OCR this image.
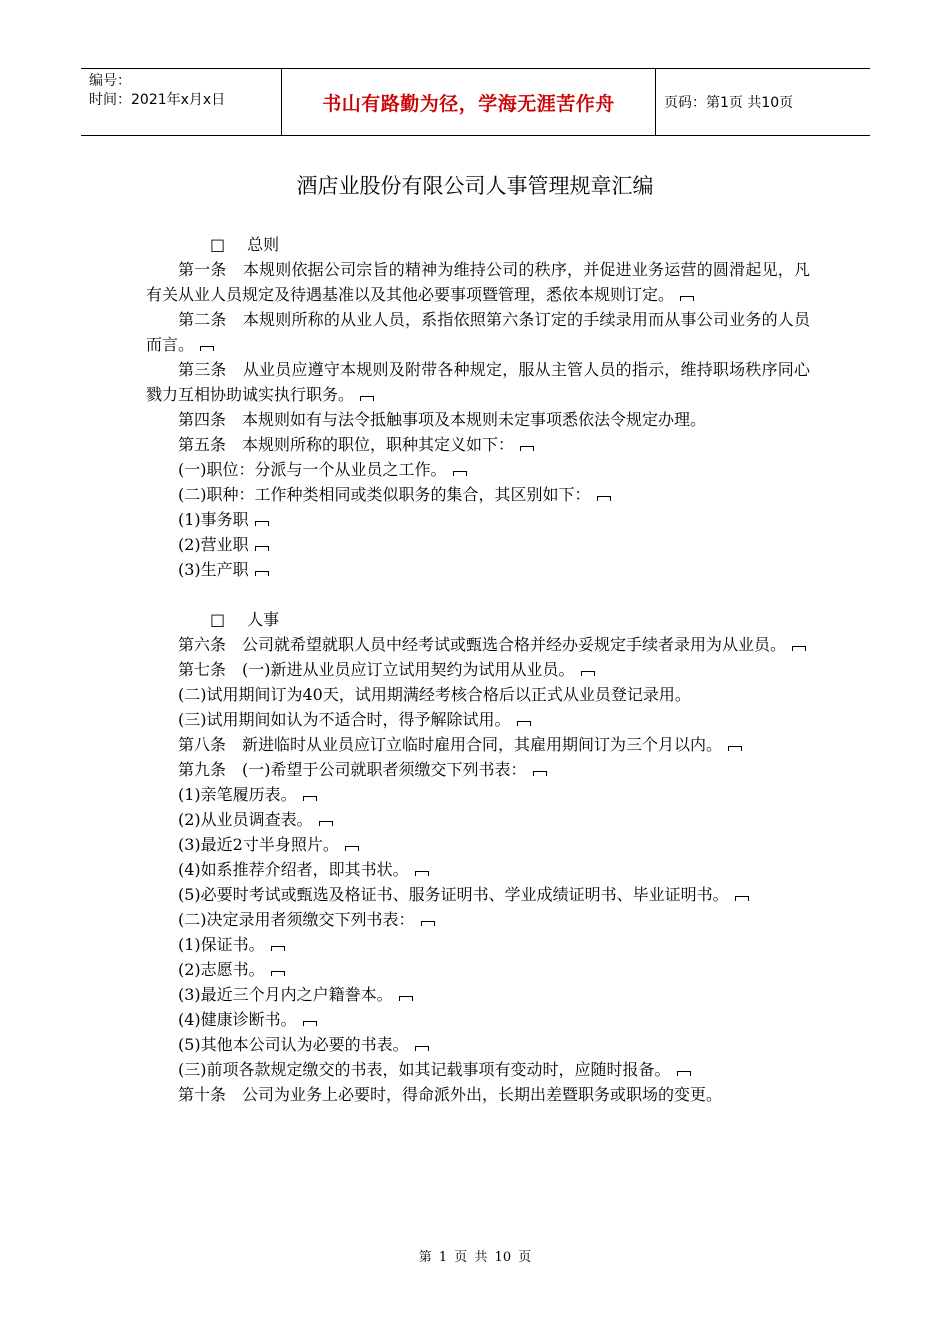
编号：
时间：2021年x月x日	书山有路勤为径，学海无涯苦作舟	页码：第1页 共10页
酒店业股份有限公司人事管理规章汇编

□ 总则

第一条　本规则依据公司宗旨的精神为维持公司的秩序，并促进业务运营的圆滑起见，凡有关从业人员规定及待遇基准以及其他必要事项暨管理，悉依本规则订定。

第二条　本规则所称的从业人员，系指依照第六条订定的手续录用而从事公司业务的人员而言。

第三条　从业员应遵守本规则及附带各种规定，服从主管人员的指示，维持职场秩序同心戮力互相协助诚实执行职务。

第四条　本规则如有与法令抵触事项及本规则未定事项悉依法令规定办理。

第五条　本规则所称的职位，职种其定义如下：

(一)职位：分派与一个从业员之工作。

(二)职种：工作种类相同或类似职务的集合，其区别如下：

(1)事务职

(2)营业职

(3)生产职

□ 人事

第六条　公司就希望就职人员中经考试或甄选合格并经办妥规定手续者录用为从业员。

第七条　(一)新进从业员应订立试用契约为试用从业员。

(二)试用期间订为40天，试用期满经考核合格后以正式从业员登记录用。

(三)试用期间如认为不适合时，得予解除试用。

第八条　新进临时从业员应订立临时雇用合同，其雇用期间订为三个月以内。

第九条　(一)希望于公司就职者须缴交下列书表：

(1)亲笔履历表。

(2)从业员调查表。

(3)最近2寸半身照片。

(4)如系推荐介绍者，即其书状。

(5)必要时考试或甄选及格证书、服务证明书、学业成绩证明书、毕业证明书。

(二)决定录用者须缴交下列书表：

(1)保证书。

(2)志愿书。

(3)最近三个月内之户籍誊本。

(4)健康诊断书。

(5)其他本公司认为必要的书表。

(三)前项各款规定缴交的书表，如其记载事项有变动时，应随时报备。

第十条　公司为业务上必要时，得命派外出，长期出差暨职务或职场的变更。

第 1 页 共 10 页
